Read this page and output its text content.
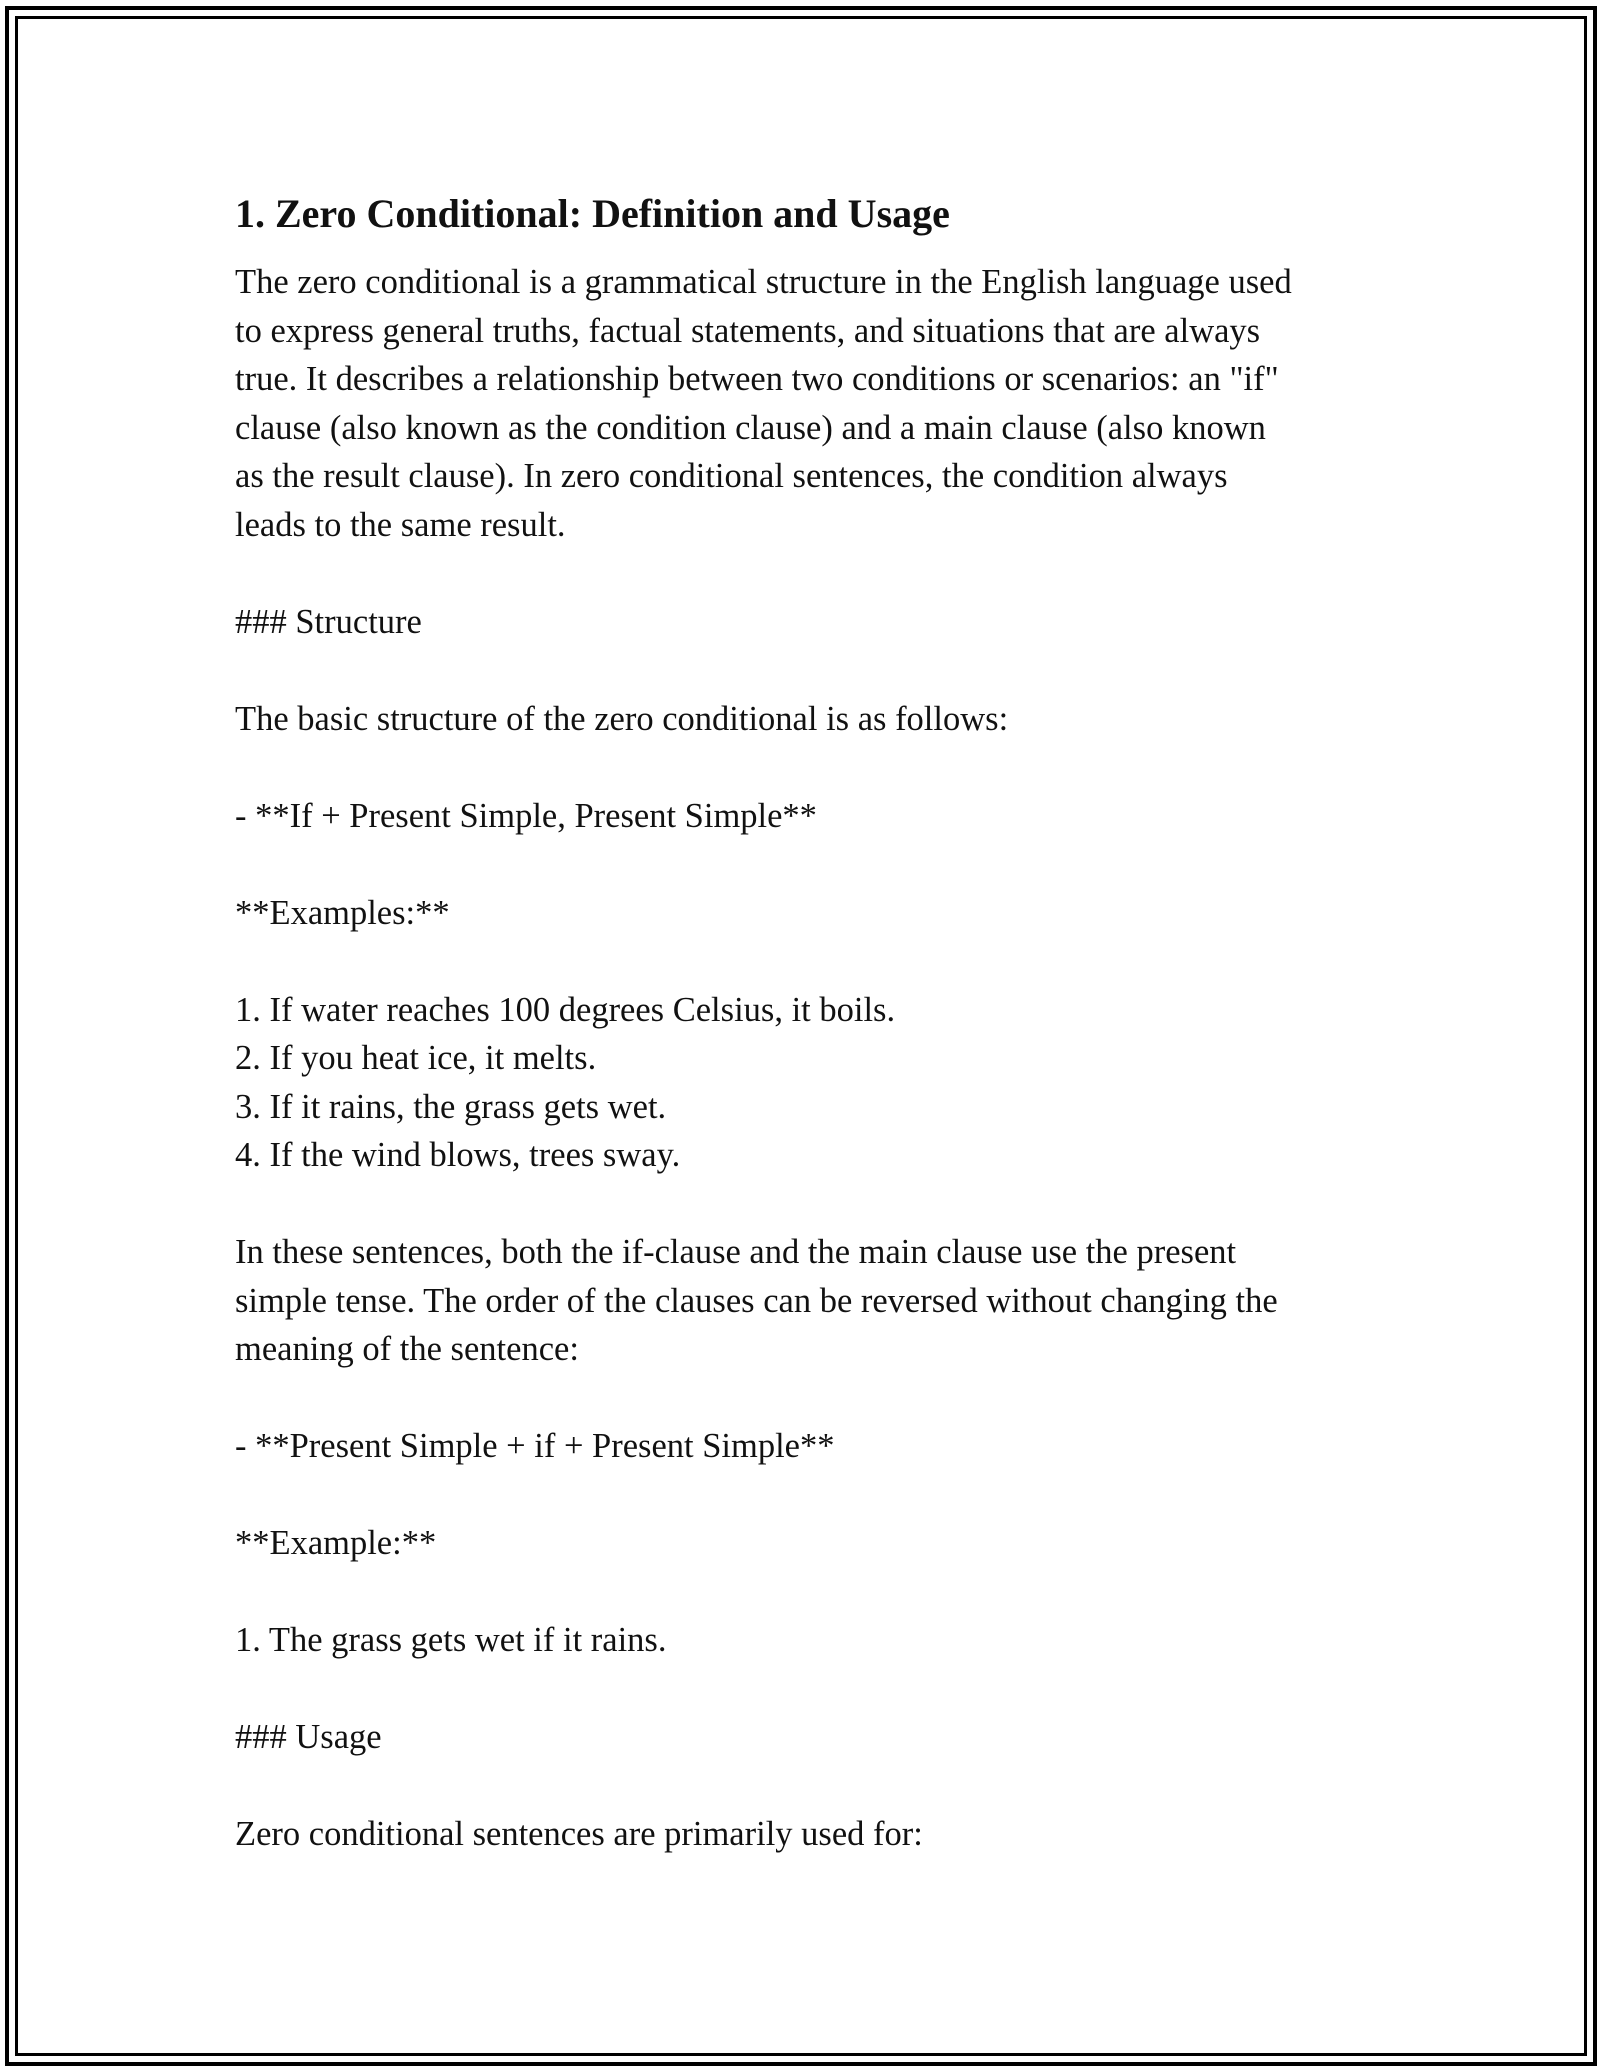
1. Zero Conditional: Definition and Usage

The zero conditional is a grammatical structure in the English language used
to express general truths, factual statements, and situations that are always
true. It describes a relationship between two conditions or scenarios: an "if"
clause (also known as the condition clause) and a main clause (also known
as the result clause). In zero conditional sentences, the condition always
leads to the same result.

### Structure

The basic structure of the zero conditional is as follows:

- **If + Present Simple, Present Simple**

**Examples:**

1. If water reaches 100 degrees Celsius, it boils.
2. If you heat ice, it melts.
3. If it rains, the grass gets wet.
4. If the wind blows, trees sway.

In these sentences, both the if-clause and the main clause use the present
simple tense. The order of the clauses can be reversed without changing the
meaning of the sentence:

- **Present Simple + if + Present Simple**

**Example:**

1. The grass gets wet if it rains.

### Usage

Zero conditional sentences are primarily used for:
